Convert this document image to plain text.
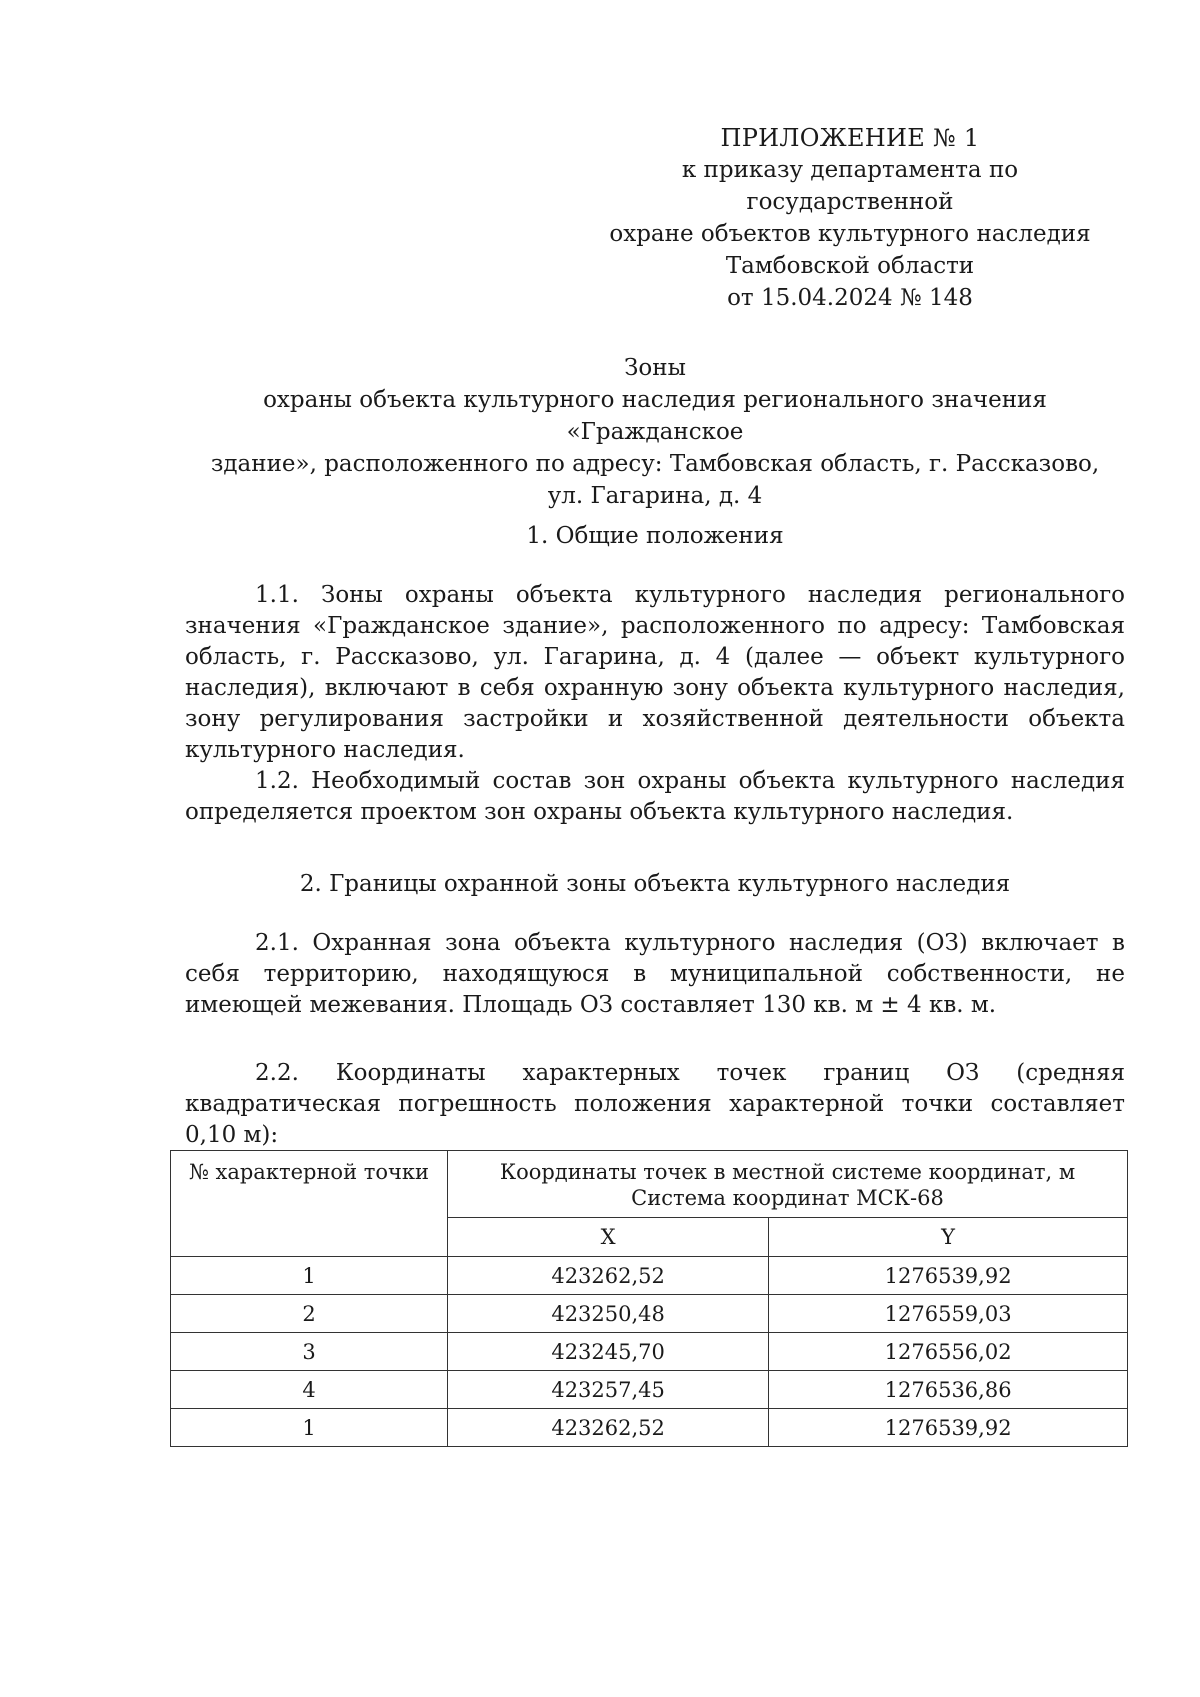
ПРИЛОЖЕНИЕ № 1
к приказу департамента по государственной
охране объектов культурного наследия
Тамбовской области
от 15.04.2024 № 148
Зоны
охраны объекта культурного наследия регионального значения «Гражданское
здание», расположенного по адресу: Тамбовская область, г. Рассказово,
ул. Гагарина, д. 4
1. Общие положения
1.1. Зоны охраны объекта культурного наследия регионального значения «Гражданское здание», расположенного по адресу: Тамбовская область, г. Рассказово, ул. Гагарина, д. 4 (далее — объект культурного наследия), включают в себя охранную зону объекта культурного наследия, зону регулирования застройки и хозяйственной деятельности объекта культурного наследия.
1.2. Необходимый состав зон охраны объекта культурного наследия определяется проектом зон охраны объекта культурного наследия.
2. Границы охранной зоны объекта культурного наследия
2.1. Охранная зона объекта культурного наследия (ОЗ) включает в себя территорию, находящуюся в муниципальной собственности, не имеющей межевания. Площадь ОЗ составляет 130 кв. м ± 4 кв. м.
2.2. Координаты характерных точек границ ОЗ (средняя квадратическая погрешность положения характерной точки составляет 0,10 м):
№ характерной точки	Координаты точек в местной системе координат, м
Система координат МСК-68	

	X	Y
1	423262,52	1276539,92
2	423250,48	1276559,03
3	423245,70	1276556,02
4	423257,45	1276536,86
1	423262,52	1276539,92
